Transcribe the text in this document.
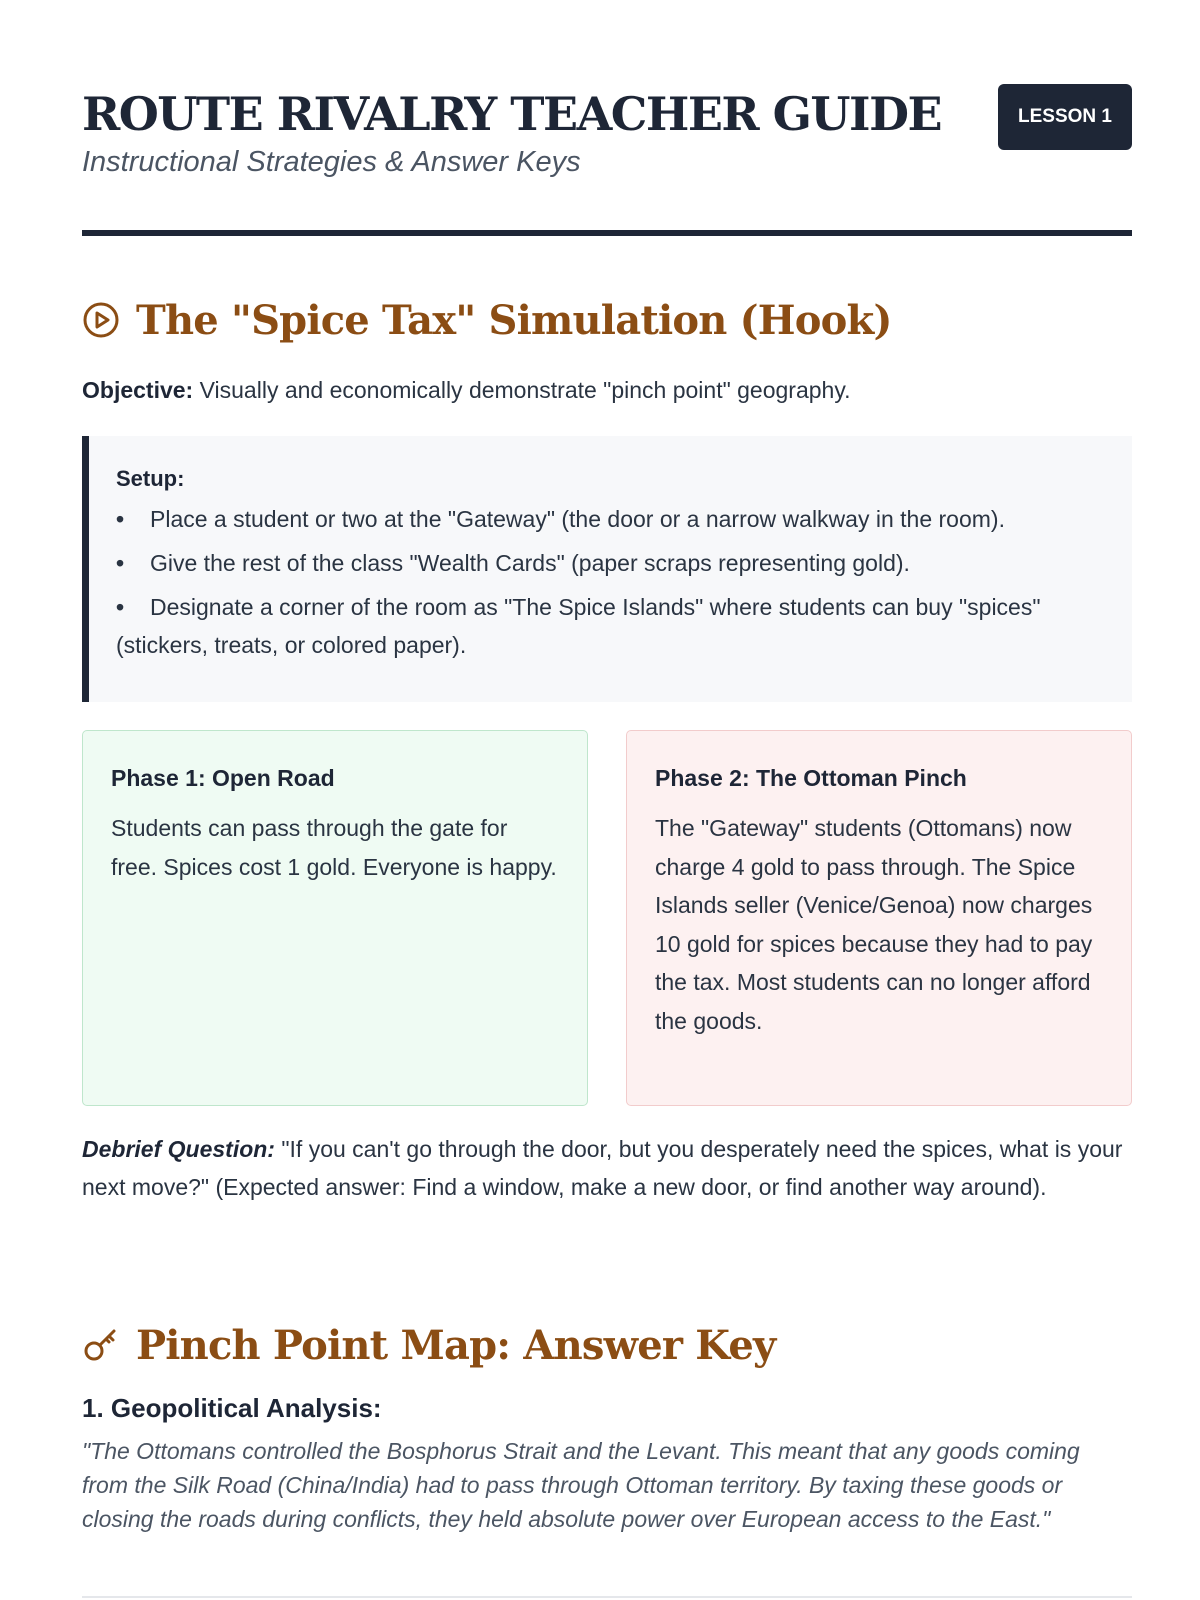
ROUTE RIVALRY TEACHER GUIDE
Instructional Strategies & Answer Keys
LESSON 1
The "Spice Tax" Simulation (Hook)
Objective: Visually and economically demonstrate "pinch point" geography.
Setup:
• Place a student or two at the "Gateway" (the door or a narrow walkway in the room).
• Give the rest of the class "Wealth Cards" (paper scraps representing gold).
• Designate a corner of the room as "The Spice Islands" where students can buy "spices" (stickers, treats, or colored paper).
Phase 1: Open Road

Students can pass through the gate for free. Spices cost 1 gold. Everyone is happy.

Phase 2: The Ottoman Pinch

The "Gateway" students (Ottomans) now charge 4 gold to pass through. The Spice Islands seller (Venice/Genoa) now charges 10 gold for spices because they had to pay the tax. Most students can no longer afford the goods.

Debrief Question: "If you can't go through the door, but you desperately need the spices, what is your next move?" (Expected answer: Find a window, make a new door, or find another way around).
Pinch Point Map: Answer Key
1. Geopolitical Analysis:

"The Ottomans controlled the Bosphorus Strait and the Levant. This meant that any goods coming from the Silk Road (China/India) had to pass through Ottoman territory. By taxing these goods or closing the roads during conflicts, they held absolute power over European access to the East."
